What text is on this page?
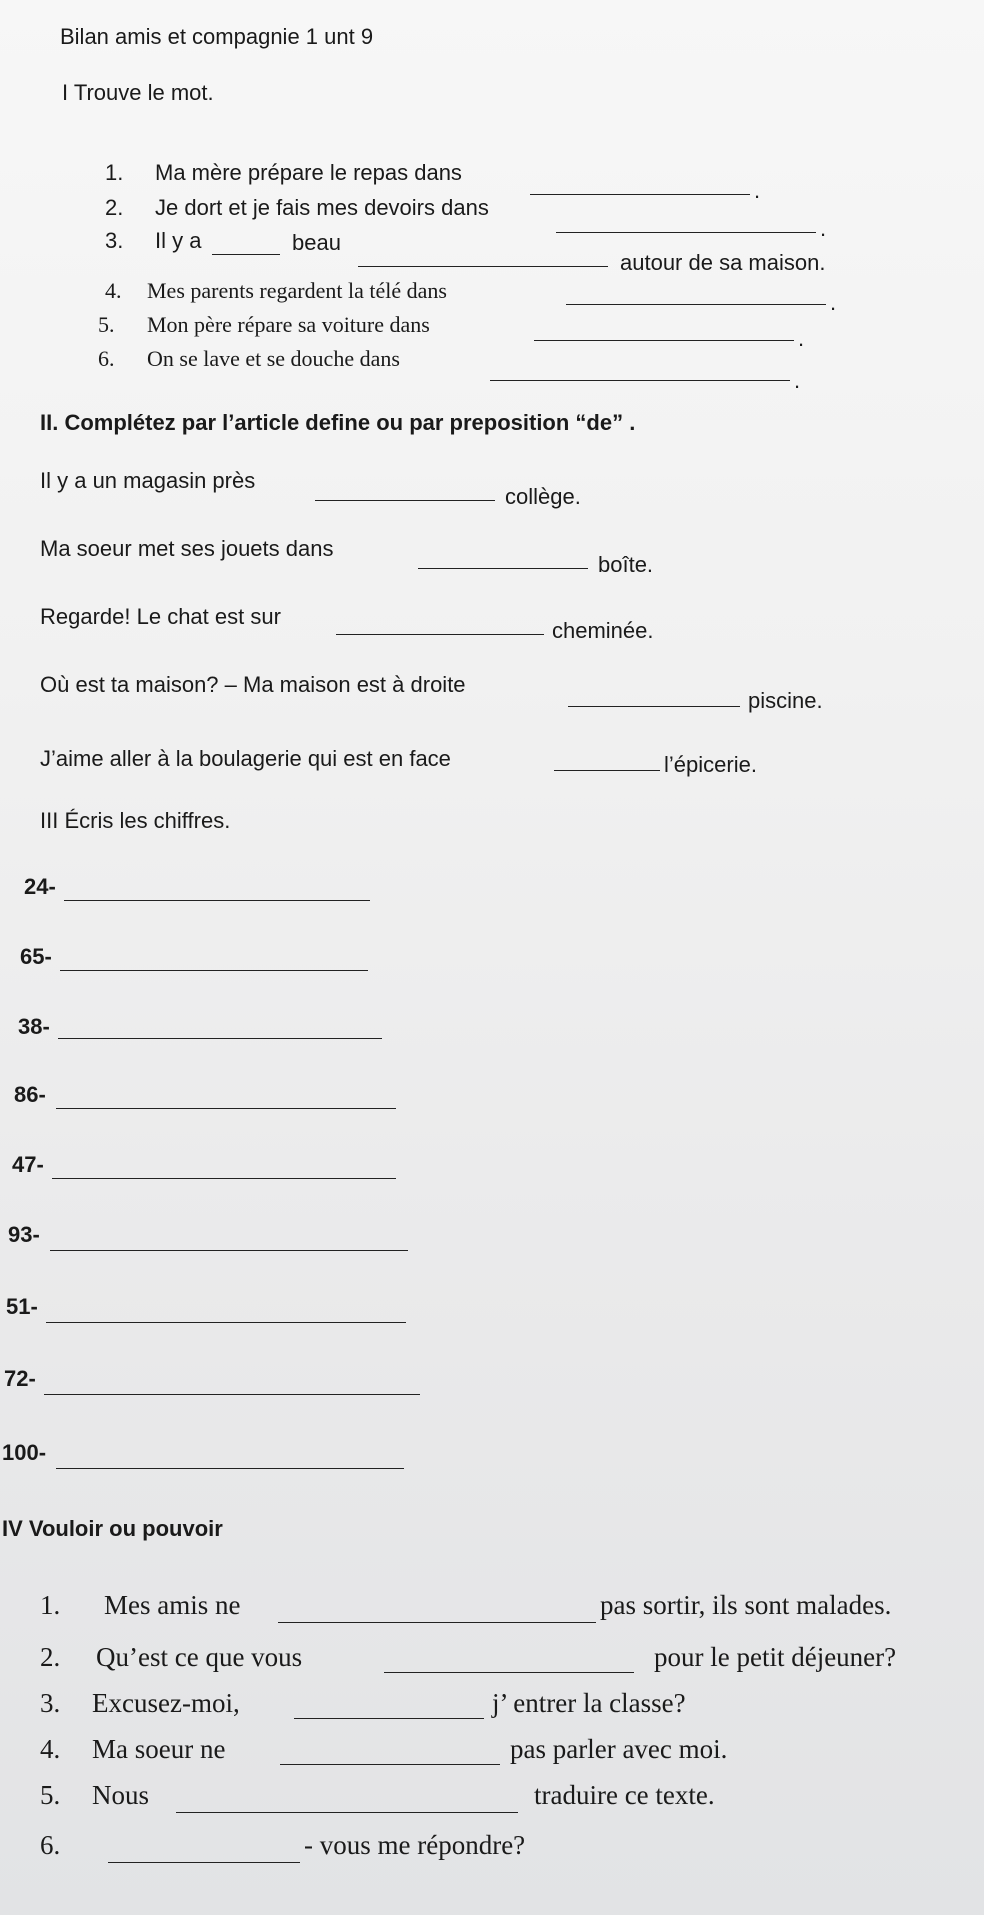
Bilan amis et compagnie 1 unt 9
I Trouve le mot.
1. Ma mère prépare le repas dans
.
2. Je dort et je fais mes devoirs dans
.
3. Il y a	beau
autour de sa maison.
4. Mes parents regardent la télé dans	.
5. Mon père répare sa voiture dans
.
6. On se lave et se douche dans
.
II. Complétez par l’article define ou par preposition “de” .
Il y a un magasin près
collège.
Ma soeur met ses jouets dans
boîte.
Regarde! Le chat est sur
cheminée.
Où est ta maison? – Ma maison est à droite
piscine.
J’aime aller à la boulagerie qui est en face	l’épicerie.
III Écris les chiffres.
24-
65-
38-
86-
47-
93-
51-
72-
100-
IV Vouloir ou pouvoir
1. Mes amis ne	pas sortir, ils sont malades.
2. Qu’est ce que vous	pour le petit déjeuner?
3. Excusez-moi,	j’ entrer la classe?
4. Ma soeur ne	pas parler avec moi.
5. Nous	traduire ce texte.
6.	- vous me répondre?
